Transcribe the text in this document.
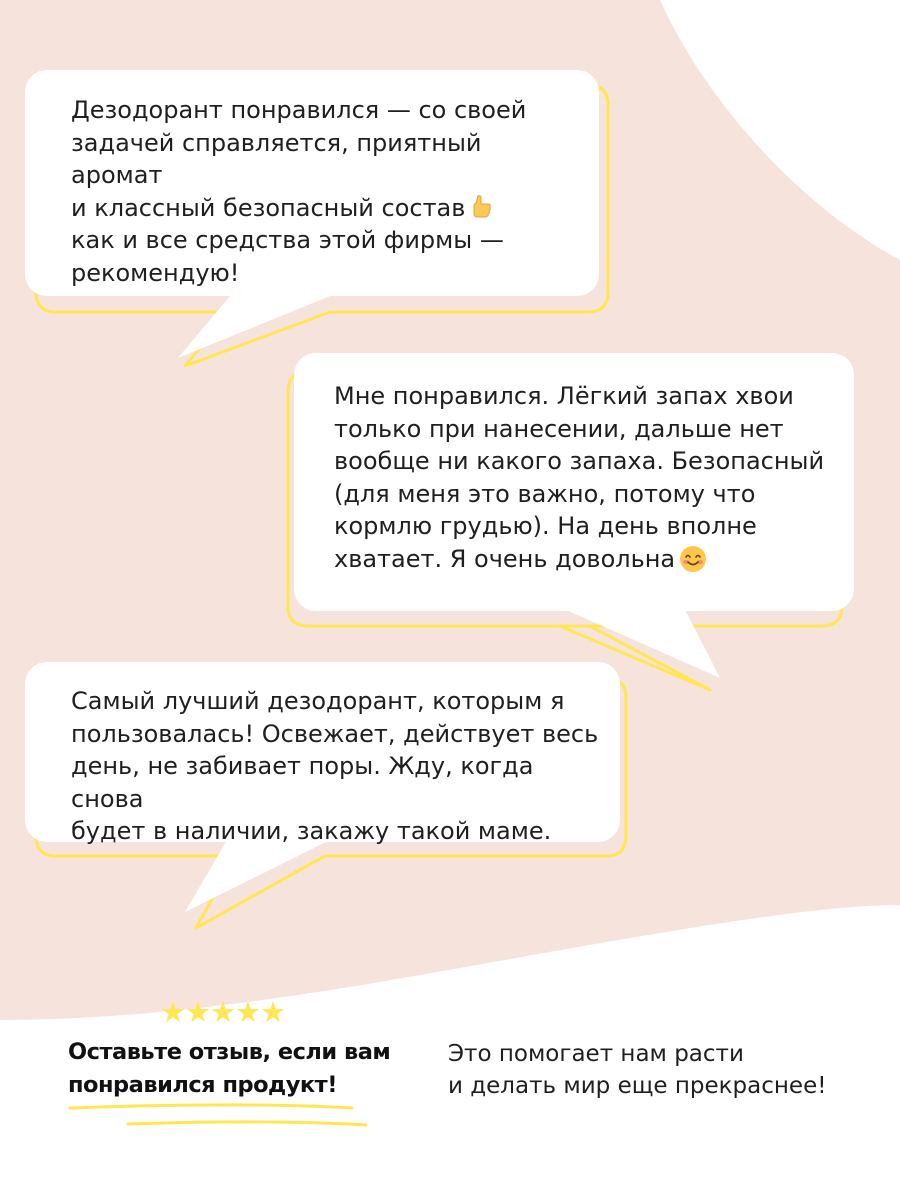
Дезодорант понравился — со своей
задачей справляется, приятный аромат
и классный безопасный состав
как и все средства этой фирмы —
рекомендую!
Мне понравился. Лёгкий запах хвои
только при нанесении, дальше нет
вообще ни какого запаха. Безопасный
(для меня это важно, потому что
кормлю грудью). На день вполне
хватает. Я очень довольна
Самый лучший дезодорант, которым я
пользовалась! Освежает, действует весь
день, не забивает поры. Жду, когда снова
будет в наличии, закажу такой маме.
★★★★★
Оставьте отзыв, если вам
понравился продукт!
Это помогает нам расти
и делать мир еще прекраснее!
